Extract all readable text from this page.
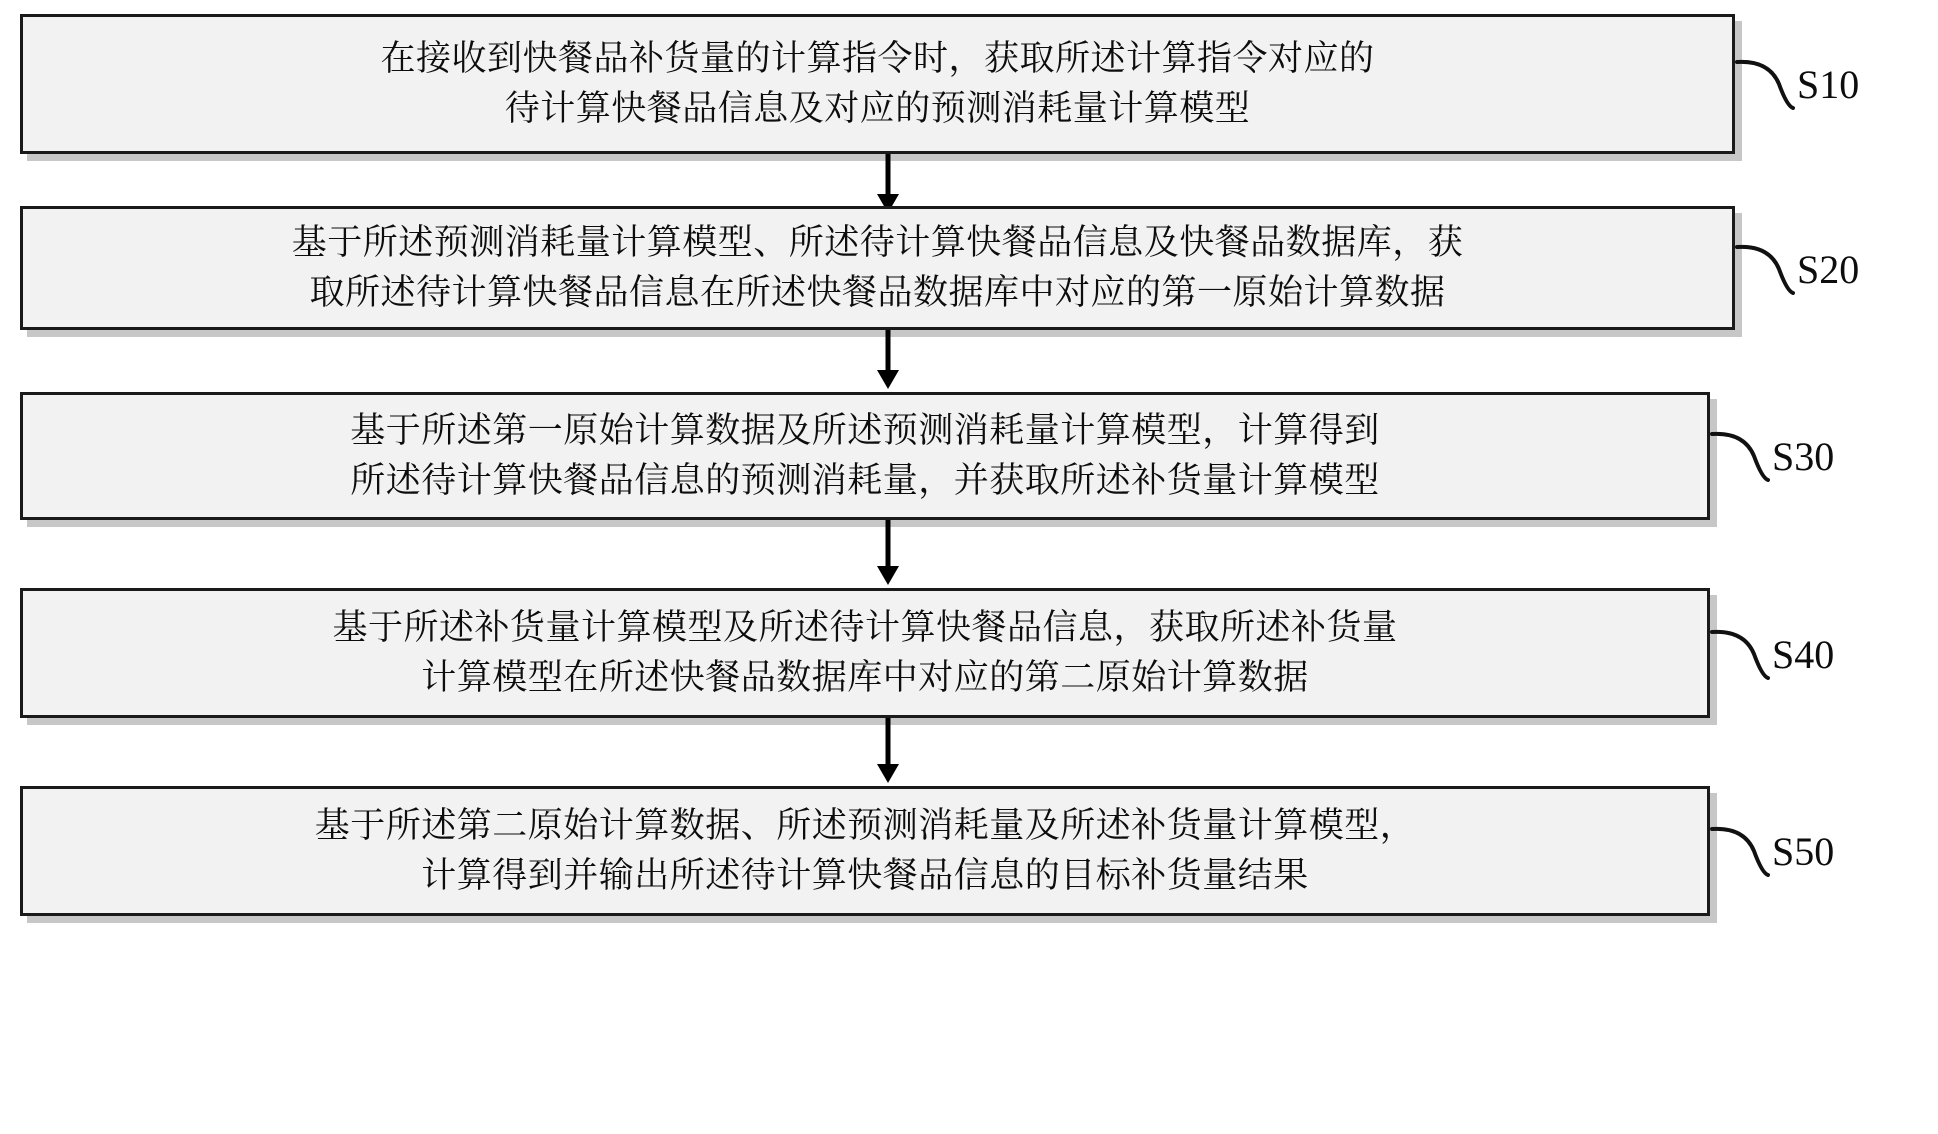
在接收到快餐品补货量的计算指令时，获取所述计算指令对应的
待计算快餐品信息及对应的预测消耗量计算模型
S10
基于所述预测消耗量计算模型、所述待计算快餐品信息及快餐品数据库，获
取所述待计算快餐品信息在所述快餐品数据库中对应的第一原始计算数据
S20
基于所述第一原始计算数据及所述预测消耗量计算模型，计算得到
所述待计算快餐品信息的预测消耗量，并获取所述补货量计算模型
S30
基于所述补货量计算模型及所述待计算快餐品信息，获取所述补货量
计算模型在所述快餐品数据库中对应的第二原始计算数据
S40
基于所述第二原始计算数据、所述预测消耗量及所述补货量计算模型，
计算得到并输出所述待计算快餐品信息的目标补货量结果
S50
